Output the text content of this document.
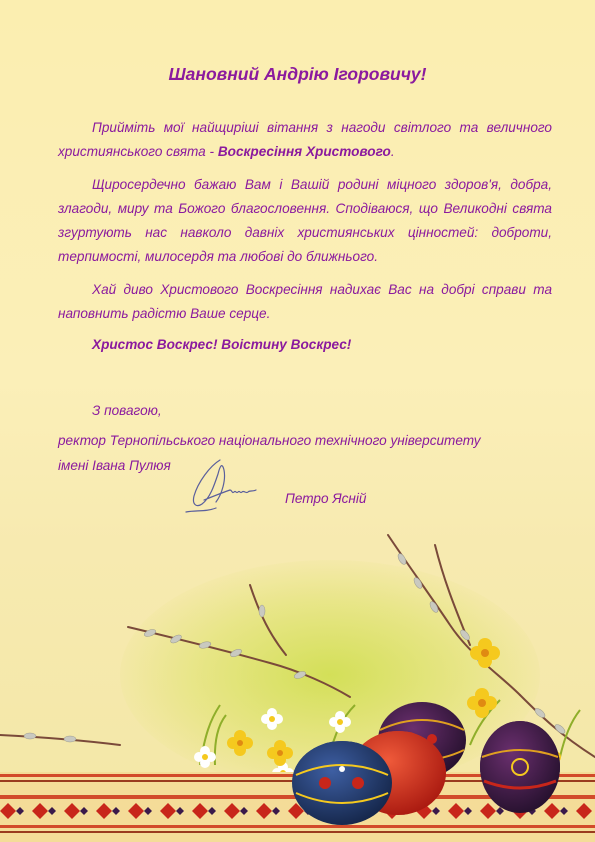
Шановний Андрію Ігоровичу!
Прийміть мої найщиріші вітання з нагоди світлого та величного християнського свята - Воскресіння Христового.
Щиросердечно бажаю Вам і Вашій родині міцного здоров'я, добра, злагоди, миру та Божого благословення. Сподіваюся, що Великодні свята згуртують нас навколо давніх християнських цінностей: доброти, терпимості, милосердя та любові до ближнього.
Хай диво Христового Воскресіння надихає Вас на добрі справи та наповнить радістю Ваше серце.
Христос Воскрес! Воістину Воскрес!
З повагою,
ректор Тернопільського національного технічного університету
імені Івана Пулюя
Петро Ясній
